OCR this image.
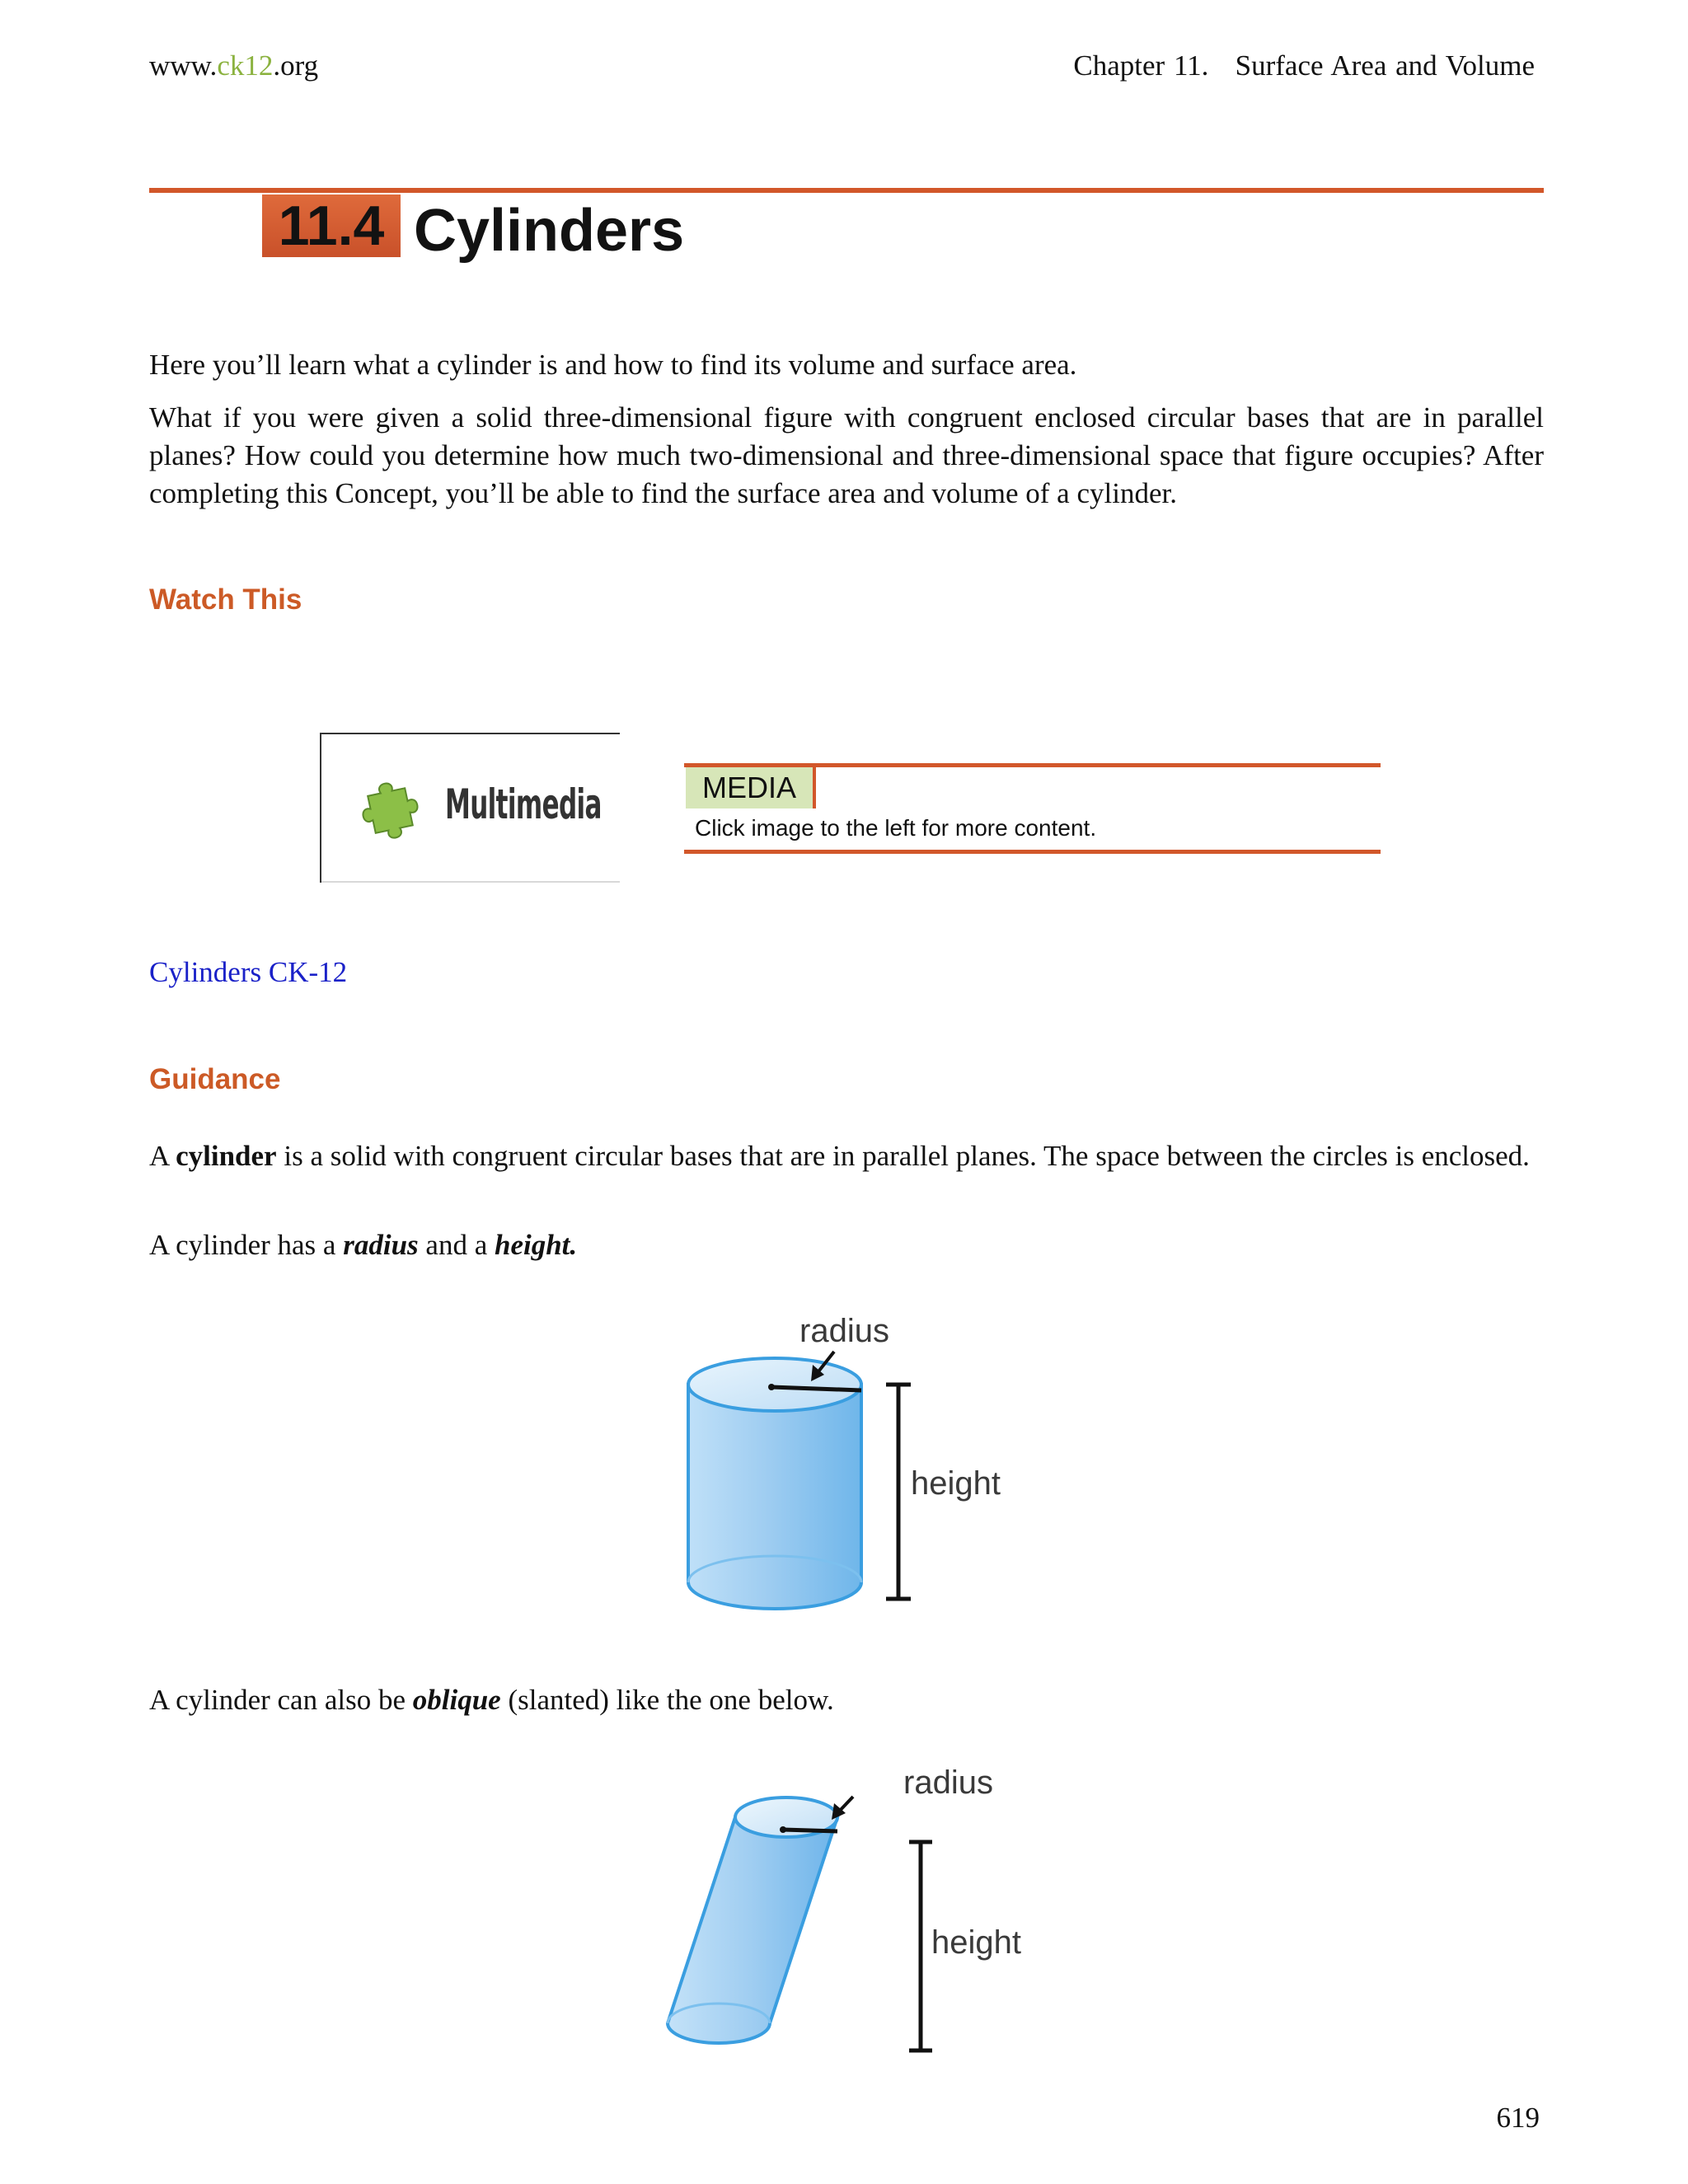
www.ck12.org	Chapter 11.   Surface Area and Volume
11.4 Cylinders
Here you’ll learn what a cylinder is and how to find its volume and surface area.
What if you were given a solid three-dimensional figure with congruent enclosed circular bases that are in parallel planes? How could you determine how much two-dimensional and three-dimensional space that figure occupies? After completing this Concept, you’ll be able to find the surface area and volume of a cylinder.
Watch This
Multimedia	MEDIA
Click image to the left for more content.
Cylinders CK-12
Guidance
A cylinder is a solid with congruent circular bases that are in parallel planes. The space between the circles is enclosed.
A cylinder has a radius and a height.
radius
height
A cylinder can also be oblique (slanted) like the one below.
radius
height
619
